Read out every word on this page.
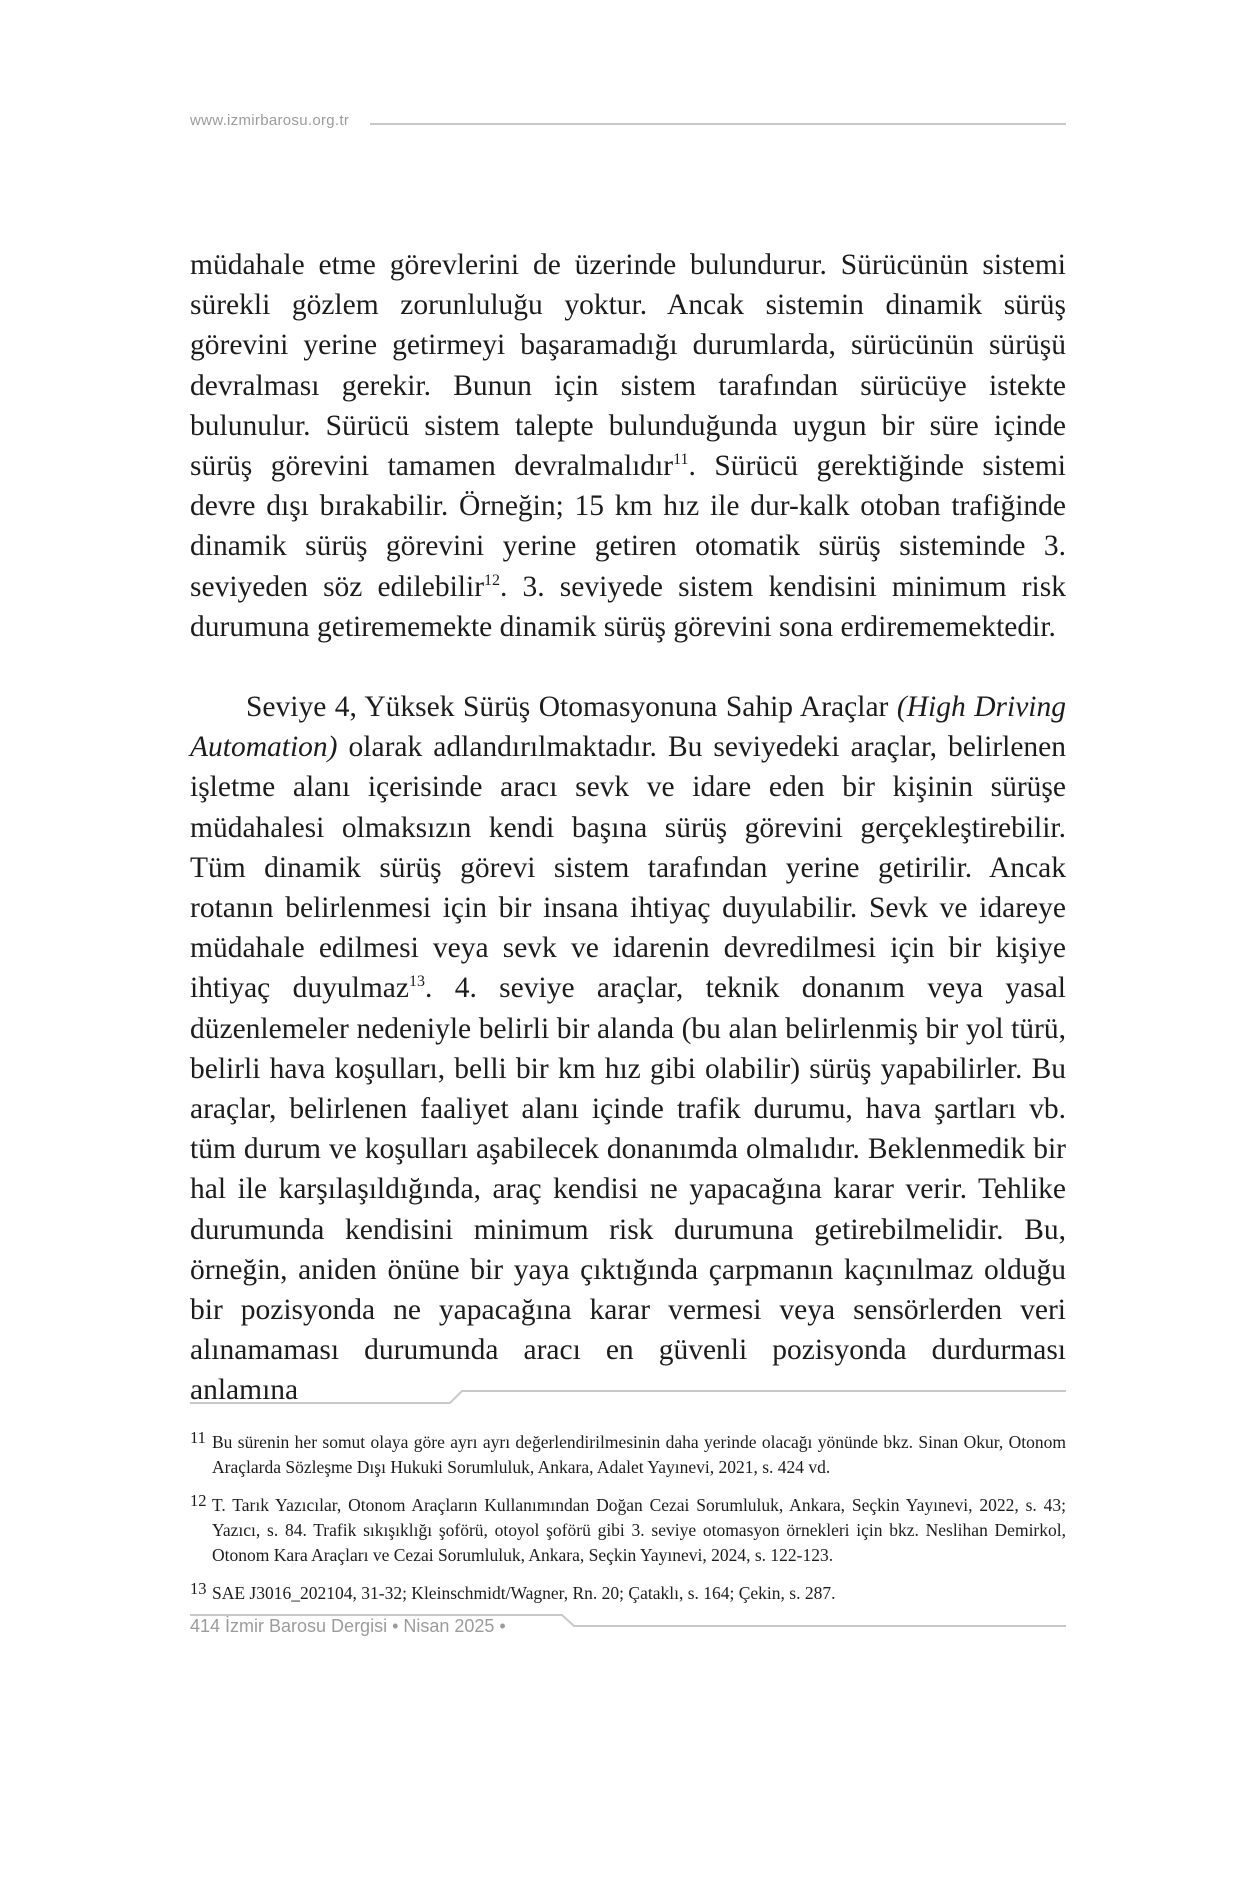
www.izmirbarosu.org.tr

müdahale etme görevlerini de üzerinde bulundurur. Sürücünün sistemi sürekli gözlem zorunluluğu yoktur. Ancak sistemin dinamik sürüş görevini yerine getirmeyi başaramadığı durumlarda, sürücünün sürüşü devralması gerekir. Bunun için sistem tarafından sürücüye istekte bulunulur. Sürücü sistem talepte bulunduğunda uygun bir süre içinde sürüş görevini tamamen devralmalıdır$^{11}$. Sürücü gerektiğinde sistemi devre dışı bırakabilir. Örneğin; 15 km hız ile dur-kalk otoban trafiğinde dinamik sürüş görevini yerine getiren otomatik sürüş sisteminde 3. seviyeden söz edilebilir$^{12}$. 3. seviyede sistem kendisini minimum risk durumuna getirememekte dinamik sürüş görevini sona erdirememektedir.

Seviye 4, Yüksek Sürüş Otomasyonuna Sahip Araçlar (High Driving Automation) olarak adlandırılmaktadır. Bu seviyedeki araçlar, belirlenen işletme alanı içerisinde aracı sevk ve idare eden bir kişinin sürüşe müdahalesi olmaksızın kendi başına sürüş görevini gerçekleştirebilir. Tüm dinamik sürüş görevi sistem tarafından yerine getirilir. Ancak rotanın belirlenmesi için bir insana ihtiyaç duyulabilir. Sevk ve idareye müdahale edilmesi veya sevk ve idarenin devredilmesi için bir kişiye ihtiyaç duyulmaz$^{13}$. 4. seviye araçlar, teknik donanım veya yasal düzenlemeler nedeniyle belirli bir alanda (bu alan belirlenmiş bir yol türü, belirli hava koşulları, belli bir km hız gibi olabilir) sürüş yapabilirler. Bu araçlar, belirlenen faaliyet alanı içinde trafik durumu, hava şartları vb. tüm durum ve koşulları aşabilecek donanımda olmalıdır. Beklenmedik bir hal ile karşılaşıldığında, araç kendisi ne yapacağına karar verir. Tehlike durumunda kendisini minimum risk durumuna getirebilmelidir. Bu, örneğin, aniden önüne bir yaya çıktığında çarpmanın kaçınılmaz olduğu bir pozisyonda ne yapacağına karar vermesi veya sensörlerden veri alınamaması durumunda aracı en güvenli pozisyonda durdurması anlamına

11 Bu sürenin her somut olaya göre ayrı ayrı değerlendirilmesinin daha yerinde olacağı yönünde bkz. Sinan Okur, Otonom Araçlarda Sözleşme Dışı Hukuki Sorumluluk, Ankara, Adalet Yayınevi, 2021, s. 424 vd.
12 T. Tarık Yazıcılar, Otonom Araçların Kullanımından Doğan Cezai Sorumluluk, Ankara, Seçkin Yayınevi, 2022, s. 43; Yazıcı, s. 84. Trafik sıkışıklığı şoförü, otoyol şoförü gibi 3. seviye otomasyon örnekleri için bkz. Neslihan Demirkol, Otonom Kara Araçları ve Cezai Sorumluluk, Ankara, Seçkin Yayınevi, 2024, s. 122-123.
13 SAE J3016_202104, 31-32; Kleinschmidt/Wagner, Rn. 20; Çataklı, s. 164; Çekin, s. 287.
414 İzmir Barosu Dergisi • Nisan 2025 •
